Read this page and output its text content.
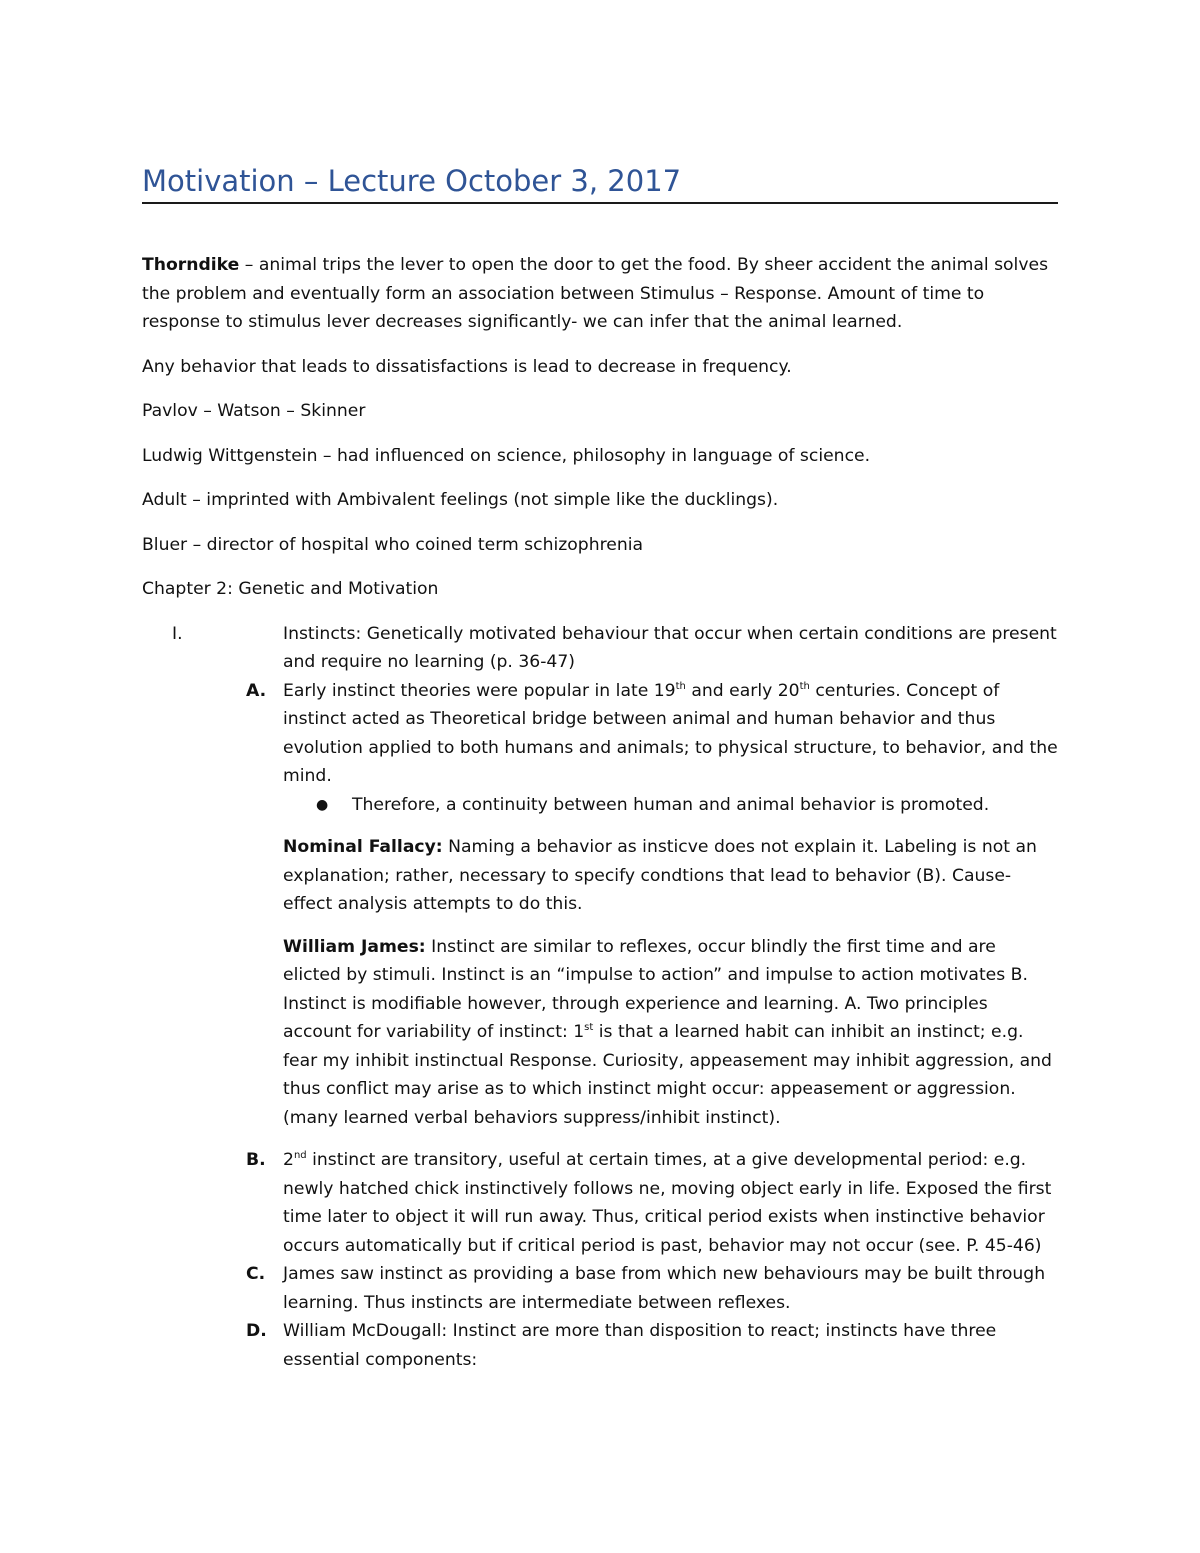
Motivation – Lecture October 3, 2017

Thorndike – animal trips the lever to open the door to get the food. By sheer accident the animal solves the problem and eventually form an association between Stimulus – Response. Amount of time to response to stimulus lever decreases significantly- we can infer that the animal learned.

Any behavior that leads to dissatisfactions is lead to decrease in frequency.

Pavlov – Watson – Skinner

Ludwig Wittgenstein – had influenced on science, philosophy in language of science.

Adult – imprinted with Ambivalent feelings (not simple like the ducklings).

Bluer – director of hospital who coined term schizophrenia

Chapter 2: Genetic and Motivation

I.	Instincts: Genetically motivated behaviour that occur when certain conditions are present and require no learning (p. 36-47)
A. Early instinct theories were popular in late 19th and early 20th centuries. Concept of instinct acted as Theoretical bridge between animal and human behavior and thus evolution applied to both humans and animals; to physical structure, to behavior, and the mind.
● Therefore, a continuity between human and animal behavior is promoted.

Nominal Fallacy: Naming a behavior as insticve does not explain it. Labeling is not an explanation; rather, necessary to specify condtions that lead to behavior (B). Cause-effect analysis attempts to do this.

William James: Instinct are similar to reflexes, occur blindly the first time and are elicted by stimuli. Instinct is an “impulse to action” and impulse to action motivates B. Instinct is modifiable however, through experience and learning. A. Two principles account for variability of instinct: 1st is that a learned habit can inhibit an instinct; e.g. fear my inhibit instinctual Response. Curiosity, appeasement may inhibit aggression, and thus conflict may arise as to which instinct might occur: appeasement or aggression. (many learned verbal behaviors suppress/inhibit instinct).

B. 2nd instinct are transitory, useful at certain times, at a give developmental period: e.g. newly hatched chick instinctively follows ne, moving object early in life. Exposed the first time later to object it will run away. Thus, critical period exists when instinctive behavior occurs automatically but if critical period is past, behavior may not occur (see. P. 45-46)
C. James saw instinct as providing a base from which new behaviours may be built through learning. Thus instincts are intermediate between reflexes.
D. William McDougall: Instinct are more than disposition to react; instincts have three essential components:
